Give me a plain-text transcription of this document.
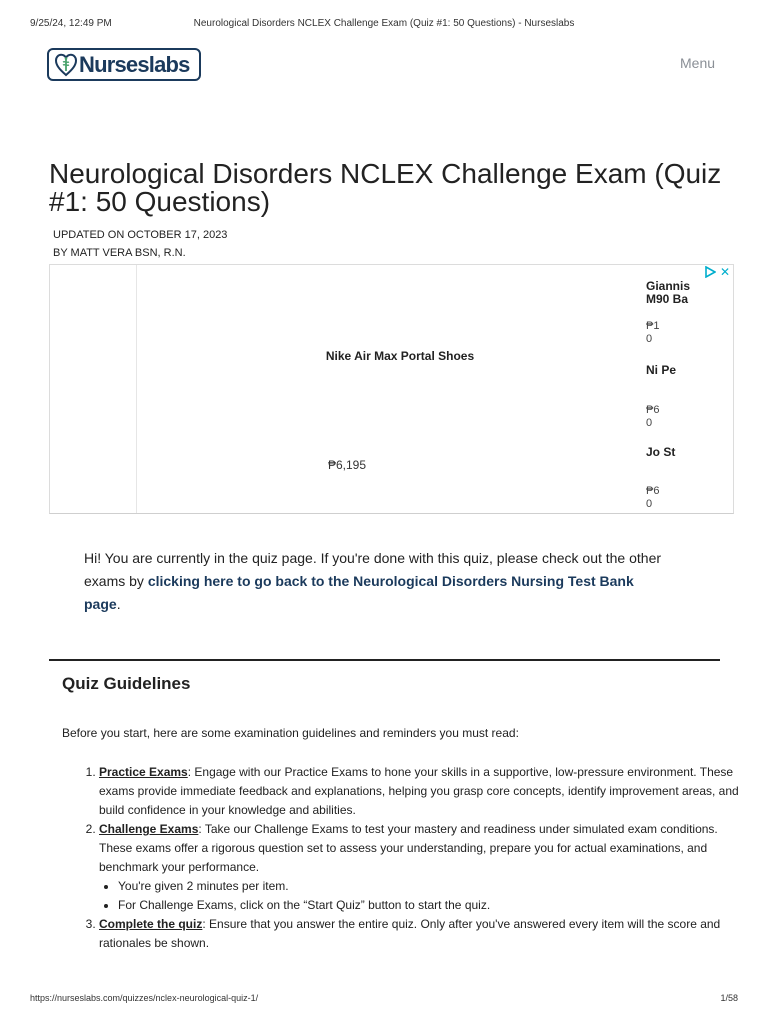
9/25/24, 12:49 PM	Neurological Disorders NCLEX Challenge Exam (Quiz #1: 50 Questions) - Nurseslabs
Nurseslabs	Menu
Neurological Disorders NCLEX Challenge Exam (Quiz #1: 50 Questions)
UPDATED ON OCTOBER 17, 2023
BY MATT VERA BSN, R.N.
Nike Air Max Portal Shoes
₱6,195
Giannis M90 Ba
₱1 0
Ni Pe
₱6 0
Jo St
₱6 0
✕

Hi! You are currently in the quiz page. If you're done with this quiz, please check out the other exams by clicking here to go back to the Neurological Disorders Nursing Test Bank page.

Quiz Guidelines

Before you start, here are some examination guidelines and reminders you must read:

1. Practice Exams: Engage with our Practice Exams to hone your skills in a supportive, low-pressure environment. These exams provide immediate feedback and explanations, helping you grasp core concepts, identify improvement areas, and build confidence in your knowledge and abilities.
2. Challenge Exams: Take our Challenge Exams to test your mastery and readiness under simulated exam conditions. These exams offer a rigorous question set to assess your understanding, prepare you for actual examinations, and benchmark your performance.
• You're given 2 minutes per item.
• For Challenge Exams, click on the “Start Quiz” button to start the quiz.
3. Complete the quiz: Ensure that you answer the entire quiz. Only after you've answered every item will the score and rationales be shown.
https://nurseslabs.com/quizzes/nclex-neurological-quiz-1/	1/58
